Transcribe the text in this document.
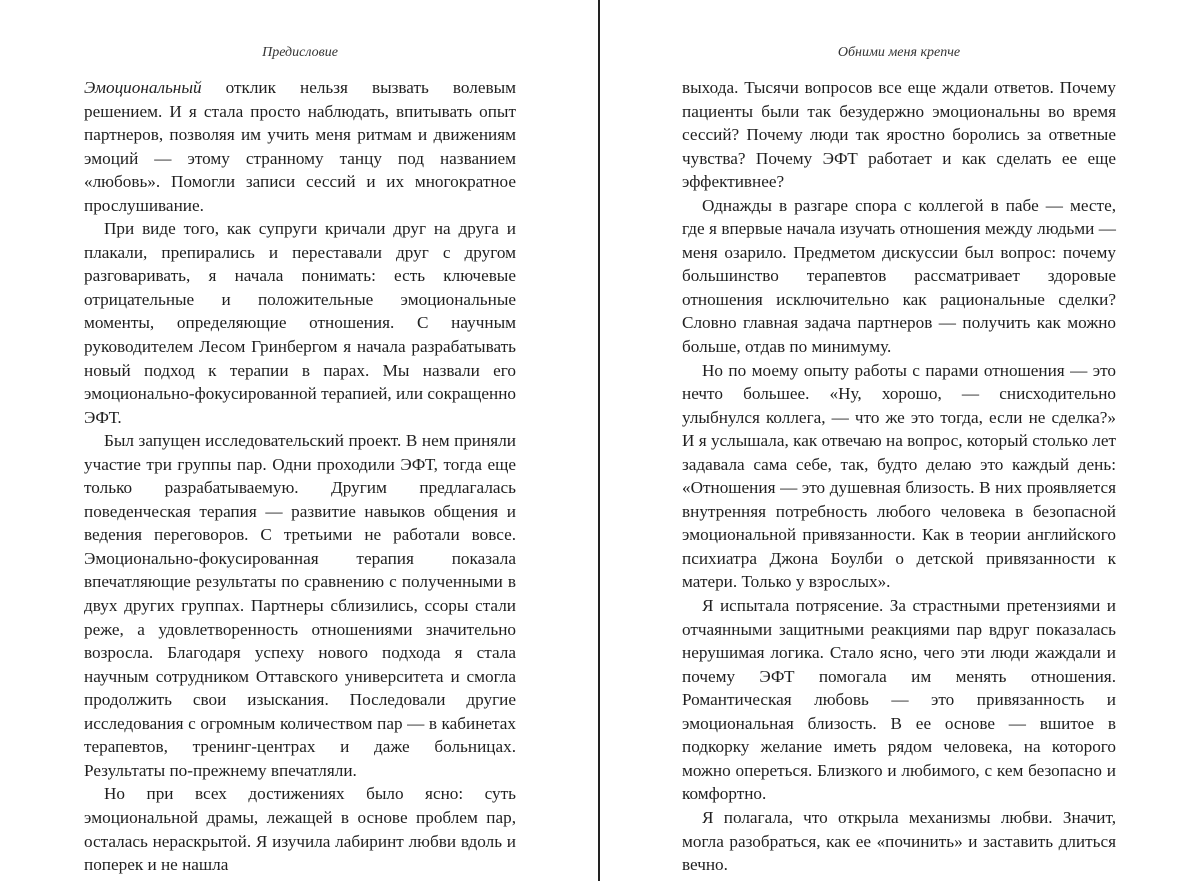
Предисловие

Эмоциональный отклик нельзя вызвать волевым решением. И я стала просто наблюдать, впитывать опыт партнеров, позволяя им учить меня ритмам и движениям эмоций — этому странному танцу под названием «любовь». Помогли записи сессий и их многократное прослушивание.

При виде того, как супруги кричали друг на друга и плакали, препирались и переставали друг с другом разговаривать, я начала понимать: есть ключевые отрицательные и положительные эмоциональные моменты, определяющие отношения. С научным руководителем Лесом Гринбергом я начала разрабатывать новый подход к терапии в парах. Мы назвали его эмоционально-фокусированной терапией, или сокращенно ЭФТ.

Был запущен исследовательский проект. В нем приняли участие три группы пар. Одни проходили ЭФТ, тогда еще только разрабатываемую. Другим предлагалась поведенческая терапия — развитие навыков общения и ведения переговоров. С третьими не работали вовсе. Эмоционально-фокусированная терапия показала впечатляющие результаты по сравнению с полученными в двух других группах. Партнеры сблизились, ссоры стали реже, а удовлетворенность отношениями значительно возросла. Благодаря успеху нового подхода я стала научным сотрудником Оттавского университета и смогла продолжить свои изыскания. Последовали другие исследования с огромным количеством пар — в кабинетах терапевтов, тренинг-центрах и даже больницах. Результаты по-прежнему впечатляли.

Но при всех достижениях было ясно: суть эмоциональной драмы, лежащей в основе проблем пар, осталась нераскрытой. Я изучила лабиринт любви вдоль и поперек и не нашла

Обними меня крепче

выхода. Тысячи вопросов все еще ждали ответов. Почему пациенты были так безудержно эмоциональны во время сессий? Почему люди так яростно боролись за ответные чувства? Почему ЭФТ работает и как сделать ее еще эффективнее?

Однажды в разгаре спора с коллегой в пабе — месте, где я впервые начала изучать отношения между людьми — меня озарило. Предметом дискуссии был вопрос: почему большинство терапевтов рассматривает здоровые отношения исключительно как рациональные сделки? Словно главная задача партнеров — получить как можно больше, отдав по минимуму.

Но по моему опыту работы с парами отношения — это нечто большее. «Ну, хорошо, — снисходительно улыбнулся коллега, — что же это тогда, если не сделка?» И я услышала, как отвечаю на вопрос, который столько лет задавала сама себе, так, будто делаю это каждый день: «Отношения — это душевная близость. В них проявляется внутренняя потребность любого человека в безопасной эмоциональной привязанности. Как в теории английского психиатра Джона Боулби о детской привязанности к матери. Только у взрослых».

Я испытала потрясение. За страстными претензиями и отчаянными защитными реакциями пар вдруг показалась нерушимая логика. Стало ясно, чего эти люди жаждали и почему ЭФТ помогала им менять отношения. Романтическая любовь — это привязанность и эмоциональная близость. В ее основе — вшитое в подкорку желание иметь рядом человека, на которого можно опереться. Близкого и любимого, с кем безопасно и комфортно.

Я полагала, что открыла механизмы любви. Значит, могла разобраться, как ее «починить» и заставить длиться вечно.
